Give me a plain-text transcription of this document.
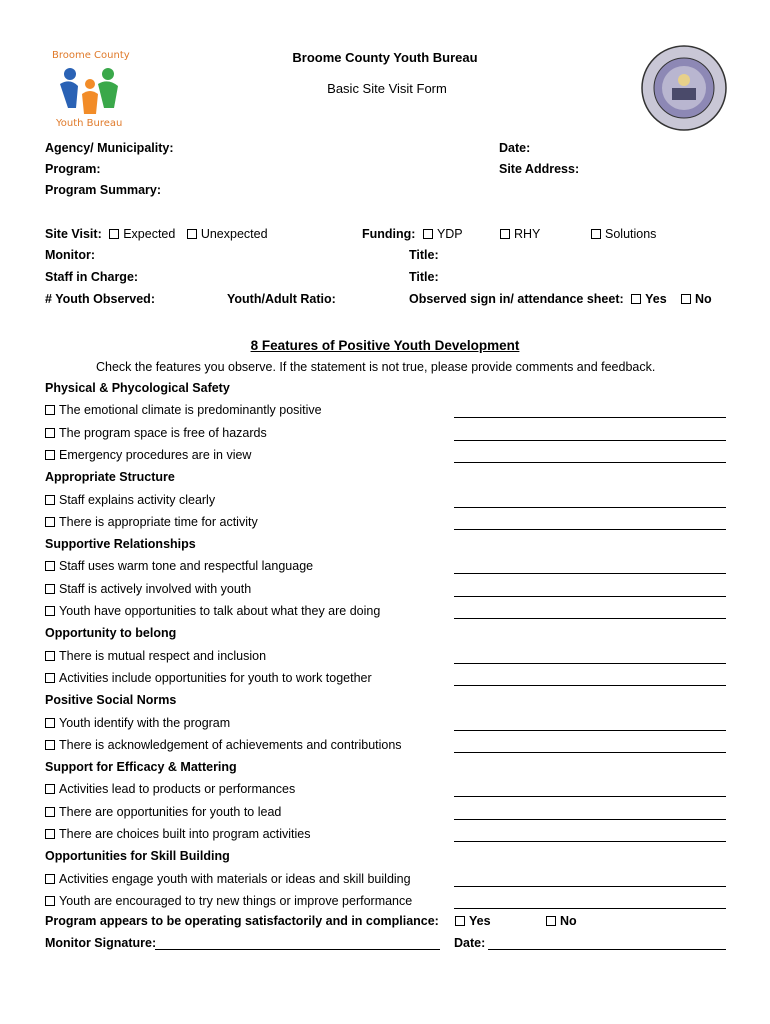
Broome County
Youth Bureau
Broome County Youth Bureau
Basic Site Visit Form
Agency/ Municipality:	Date:
Program:	Site Address:
Program Summary:
Site Visit: Expected Unexpected	Funding: YDP	RHY	Solutions
Monitor:	Title:
Staff in Charge:	Title:
# Youth Observed:	Youth/Adult Ratio:	Observed sign in/ attendance sheet: Yes	No
8 Features of Positive Youth Development
Check the features you observe. If the statement is not true, please provide comments and feedback.
Physical & Phycological Safety
The emotional climate is predominantly positive
The program space is free of hazards
Emergency procedures are in view
Appropriate Structure
Staff explains activity clearly
There is appropriate time for activity
Supportive Relationships
Staff uses warm tone and respectful language
Staff is actively involved with youth
Youth have opportunities to talk about what they are doing
Opportunity to belong
There is mutual respect and inclusion
Activities include opportunities for youth to work together
Positive Social Norms
Youth identify with the program
There is acknowledgement of achievements and contributions
Support for Efficacy & Mattering
Activities lead to products or performances
There are opportunities for youth to lead
There are choices built into program activities
Opportunities for Skill Building
Activities engage youth with materials or ideas and skill building
Youth are encouraged to try new things or improve performance
Program appears to be operating satisfactorily and in compliance:	Yes	No
Monitor Signature:	Date:
